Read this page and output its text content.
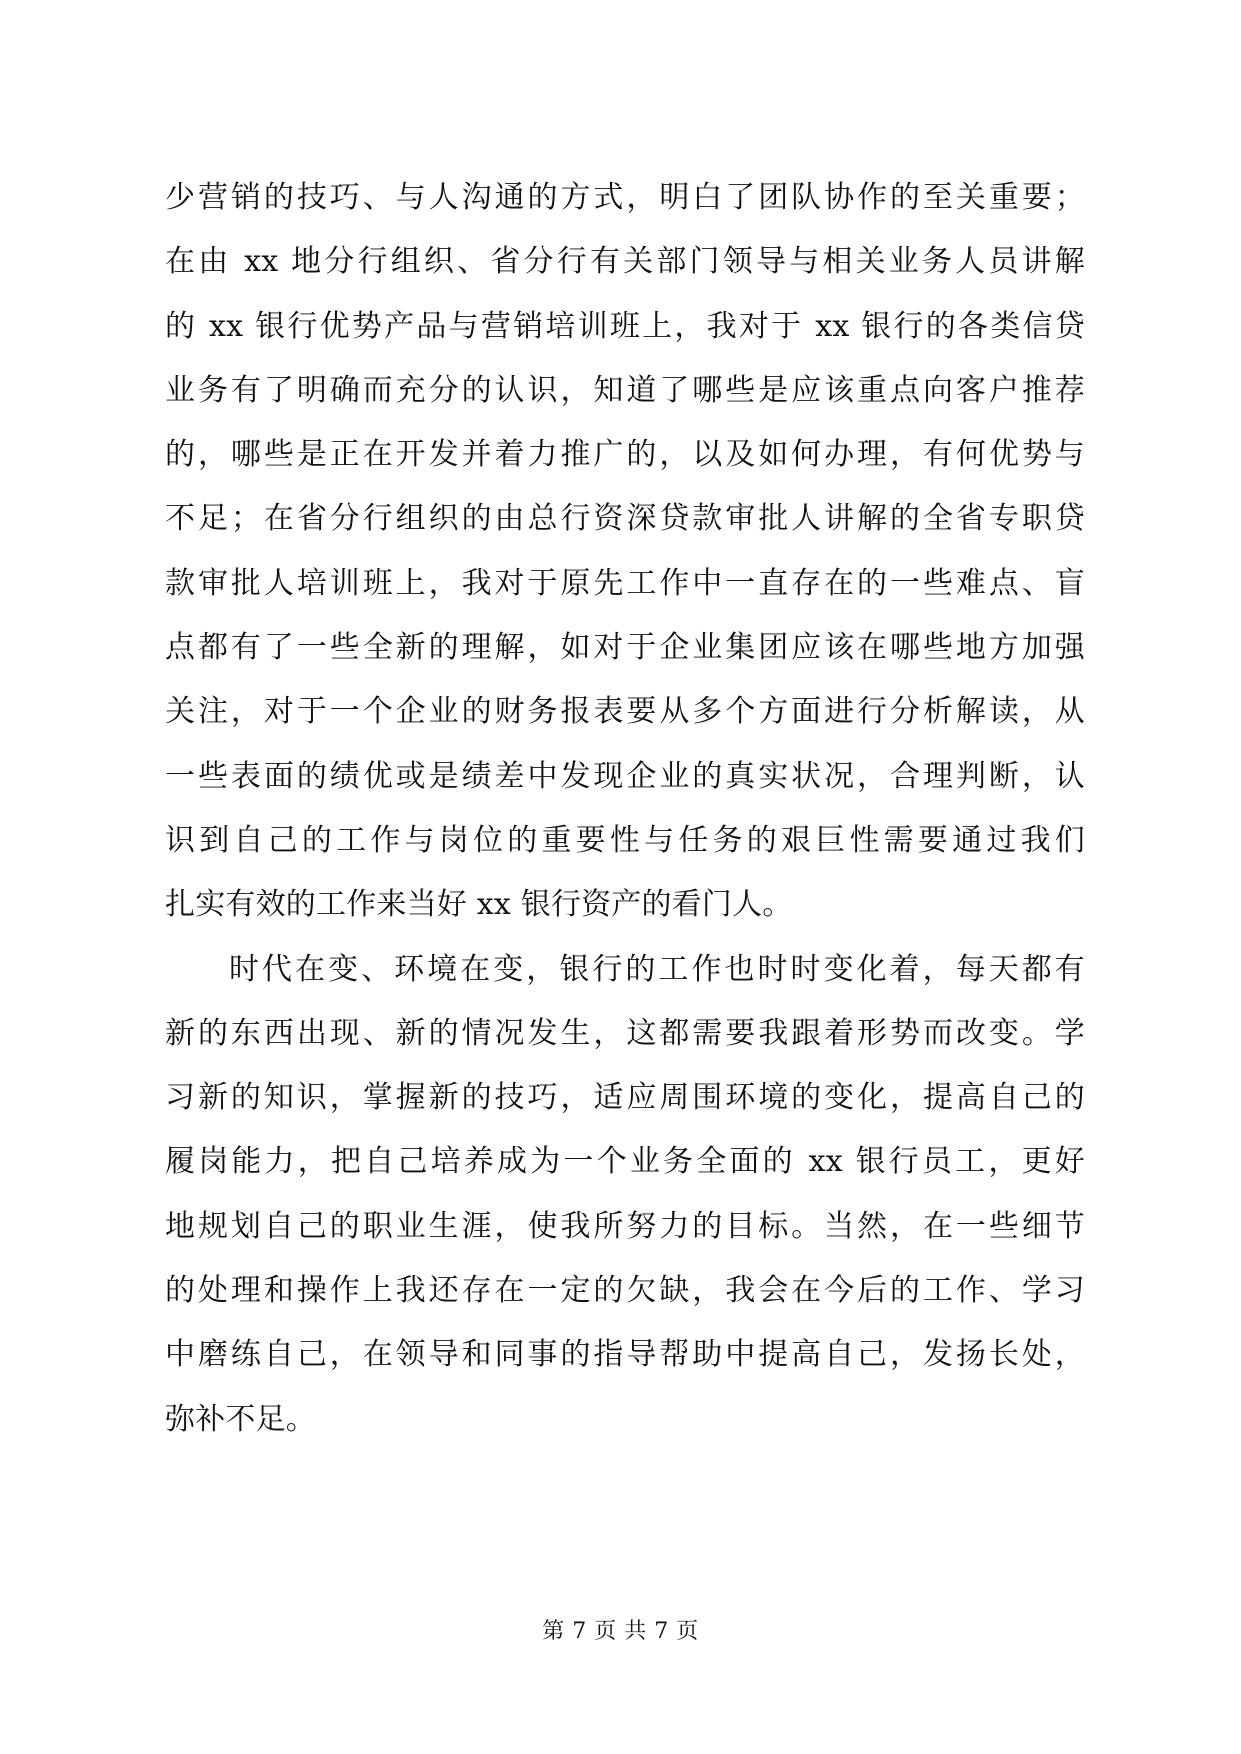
少营销的技巧、与人沟通的方式，明白了团队协作的至关重要；
在由 xx 地分行组织、省分行有关部门领导与相关业务人员讲解
的 xx 银行优势产品与营销培训班上，我对于 xx 银行的各类信贷
业务有了明确而充分的认识，知道了哪些是应该重点向客户推荐
的，哪些是正在开发并着力推广的，以及如何办理，有何优势与
不足；在省分行组织的由总行资深贷款审批人讲解的全省专职贷
款审批人培训班上，我对于原先工作中一直存在的一些难点、盲
点都有了一些全新的理解，如对于企业集团应该在哪些地方加强
关注，对于一个企业的财务报表要从多个方面进行分析解读，从
一些表面的绩优或是绩差中发现企业的真实状况，合理判断，认
识到自己的工作与岗位的重要性与任务的艰巨性需要通过我们
扎实有效的工作来当好 xx 银行资产的看门人。
时代在变、环境在变，银行的工作也时时变化着，每天都有
新的东西出现、新的情况发生，这都需要我跟着形势而改变。学
习新的知识，掌握新的技巧，适应周围环境的变化，提高自己的
履岗能力，把自己培养成为一个业务全面的 xx 银行员工，更好
地规划自己的职业生涯，使我所努力的目标。当然，在一些细节
的处理和操作上我还存在一定的欠缺，我会在今后的工作、学习
中磨练自己，在领导和同事的指导帮助中提高自己，发扬长处，
弥补不足。
第 7 页 共 7 页
